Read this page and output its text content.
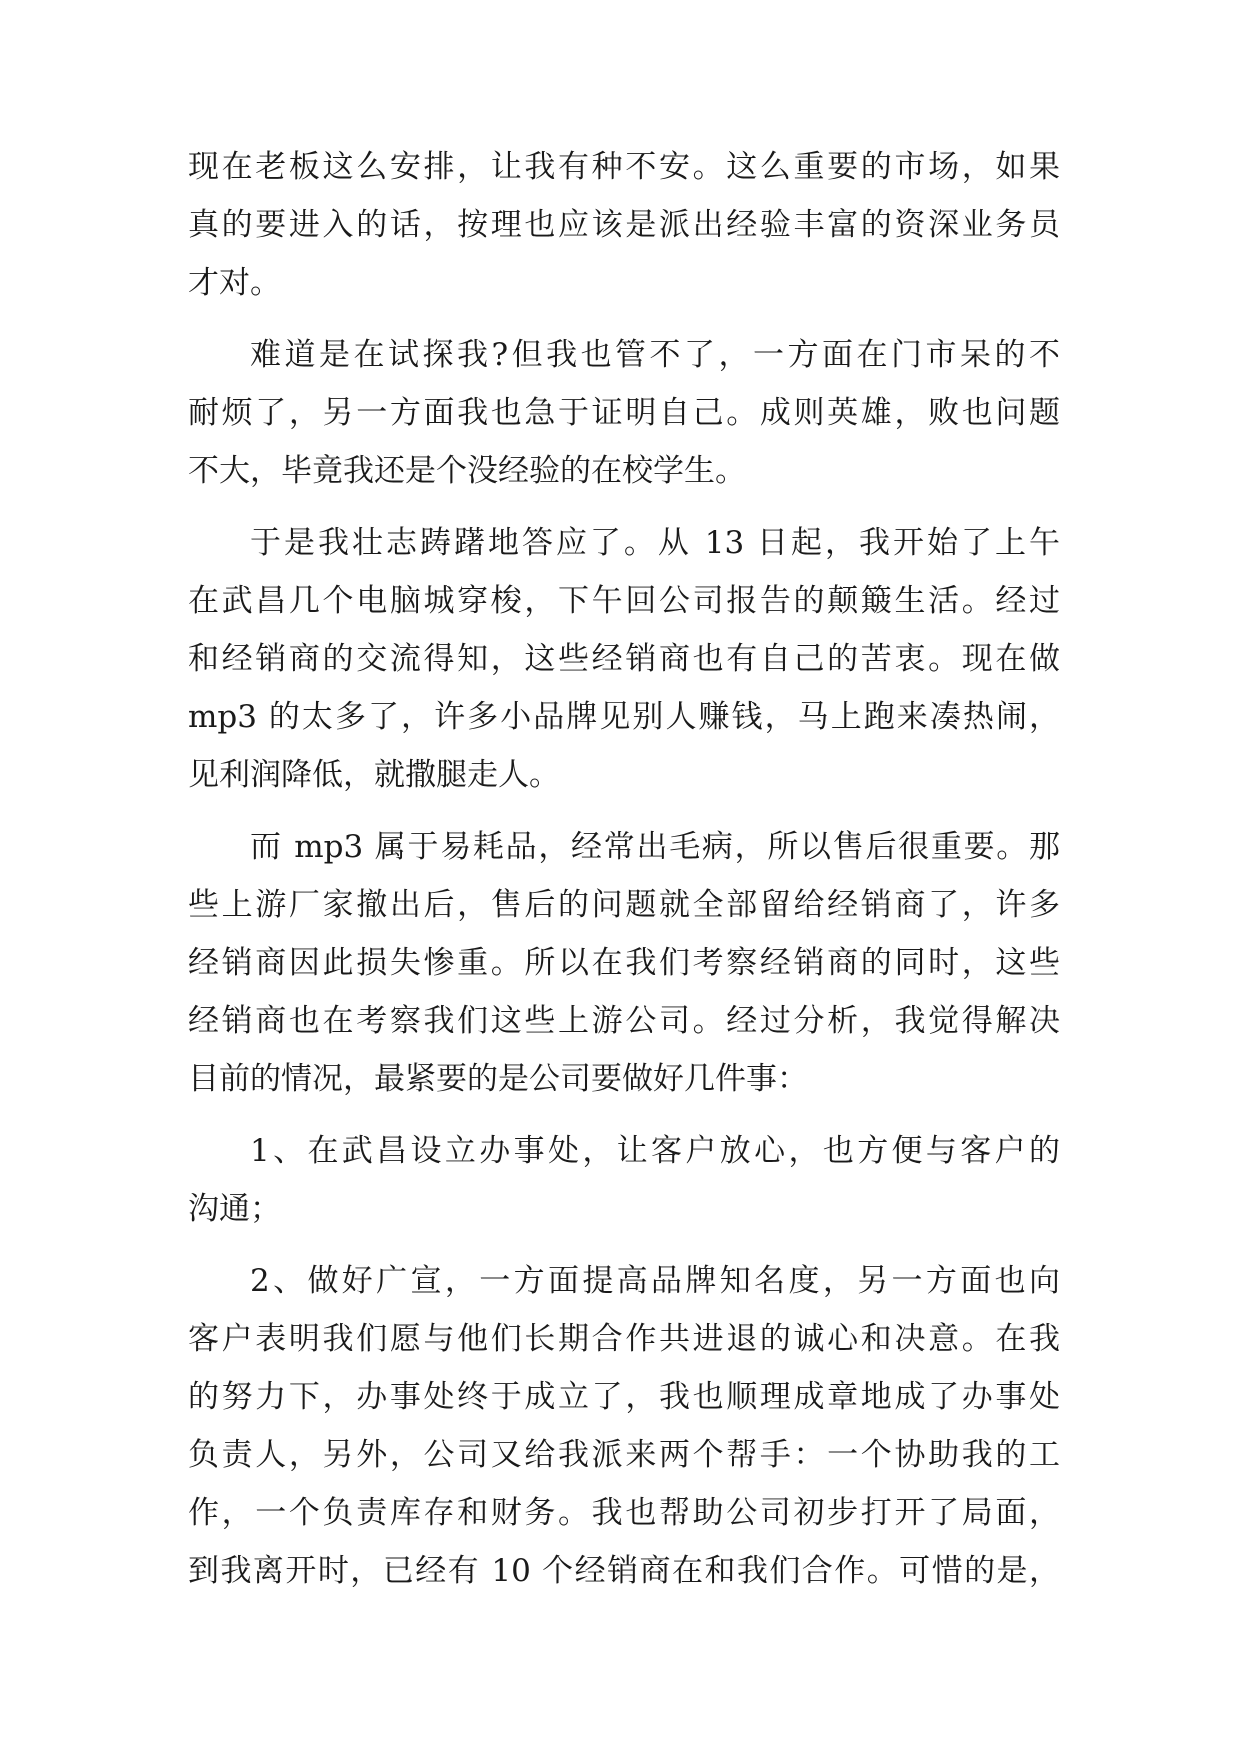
现在老板这么安排，让我有种不安。这么重要的市场，如果
真的要进入的话，按理也应该是派出经验丰富的资深业务员
才对。
难道是在试探我?但我也管不了，一方面在门市呆的不
耐烦了，另一方面我也急于证明自己。成则英雄，败也问题
不大，毕竟我还是个没经验的在校学生。
于是我壮志踌躇地答应了。从 13 日起，我开始了上午
在武昌几个电脑城穿梭，下午回公司报告的颠簸生活。经过
和经销商的交流得知，这些经销商也有自己的苦衷。现在做
mp3 的太多了，许多小品牌见别人赚钱，马上跑来凑热闹，
见利润降低，就撒腿走人。
而 mp3 属于易耗品，经常出毛病，所以售后很重要。那
些上游厂家撤出后，售后的问题就全部留给经销商了，许多
经销商因此损失惨重。所以在我们考察经销商的同时，这些
经销商也在考察我们这些上游公司。经过分析，我觉得解决
目前的情况，最紧要的是公司要做好几件事：
1、在武昌设立办事处，让客户放心，也方便与客户的
沟通；
2、做好广宣，一方面提高品牌知名度，另一方面也向
客户表明我们愿与他们长期合作共进退的诚心和决意。在我
的努力下，办事处终于成立了，我也顺理成章地成了办事处
负责人，另外，公司又给我派来两个帮手：一个协助我的工
作，一个负责库存和财务。我也帮助公司初步打开了局面，
到我离开时，已经有 10 个经销商在和我们合作。可惜的是，
